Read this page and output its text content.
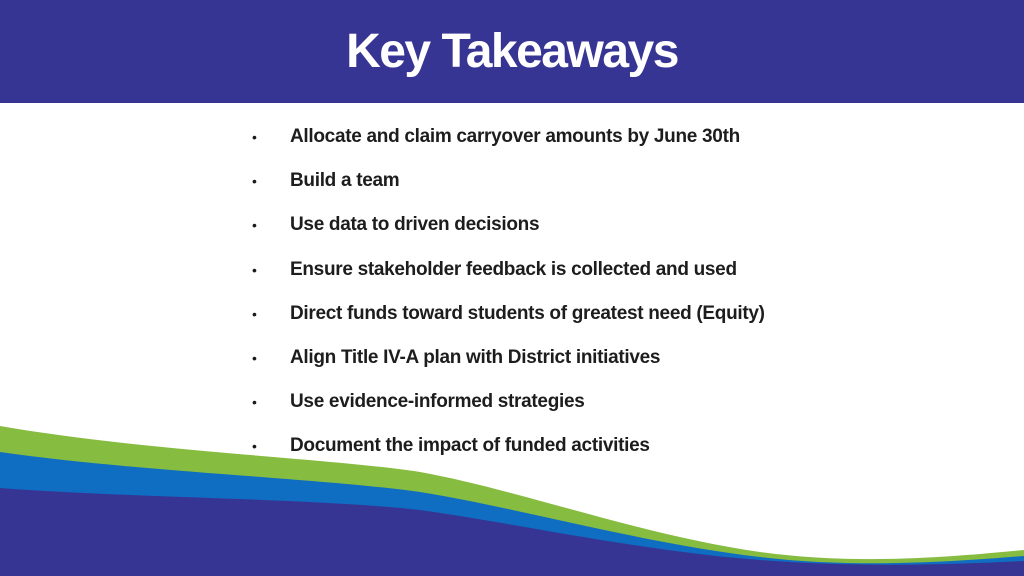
Key Takeaways
•	Allocate and claim carryover amounts by June 30th
•	Build a team
•	Use data to driven decisions
•	Ensure stakeholder feedback is collected and used
•	Direct funds toward students of greatest need (Equity)
•	Align Title IV-A plan with District initiatives
•	Use evidence-informed strategies
•	Document the impact of funded activities
